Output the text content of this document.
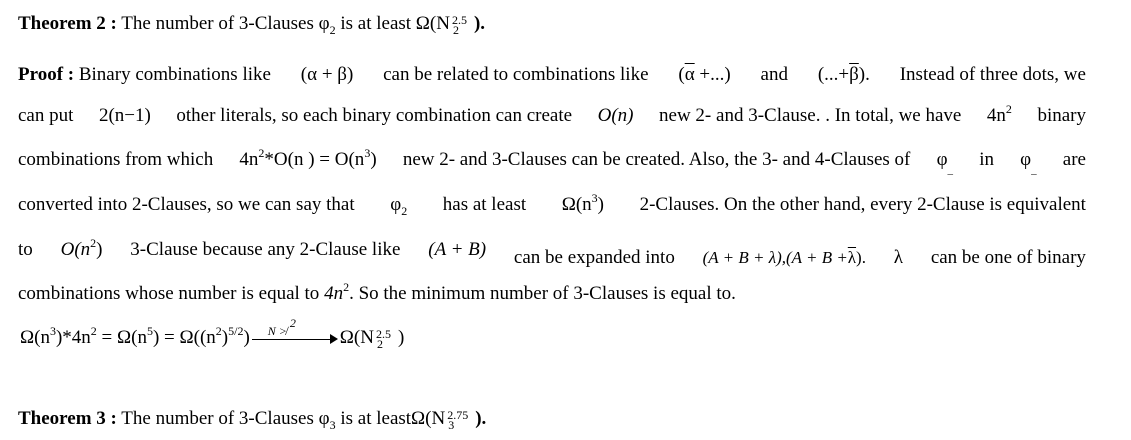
Theorem 2 : The number of 3-Clauses $\varphi_2$ is at least Ω(N 2.5
$_2$ ).
Proof : Binary combinations like (α + β) can be related to combinations like ($\overline{\alpha}$ +...) and $(...+\overline{\beta})$. Instead of three dots, we
can put 2(n−1) other literals, so each binary combination can create O(n) new 2- and 3-Clause. . In total, we have $4n^2$ binary
combinations from which $4n^2*O(n$ ) = $O(n^3)$ new 2- and 3-Clauses can be created. Also, the 3- and 4-Clauses of $\varphi_{\_}$ in $\varphi_{\_}$ are
converted into 2-Clauses, so we can say that $\varphi_2$ has at least $\Omega(n^3)$ 2-Clauses. On the other hand, every 2-Clause is equivalent
to $O(n^2)$ 3-Clause because any 2-Clause like (A + B) can be expanded into $(A + B + \lambda),(A + B +\overline{\lambda})$. λ can be one of binary
combinations whose number is equal to $4n^2$. So the minimum number of 3-Clauses is equal to.
$\Omega(n^3)*4n^2 = \Omega(n^5) = \Omega((n^2)^{5/2})$ N ≯ $^2$
Ω(N 2.5
$_2$ )
Theorem 3 : The number of 3-Clauses $\varphi_3$ is at leastΩ(N 2.75
$_3$ ).
